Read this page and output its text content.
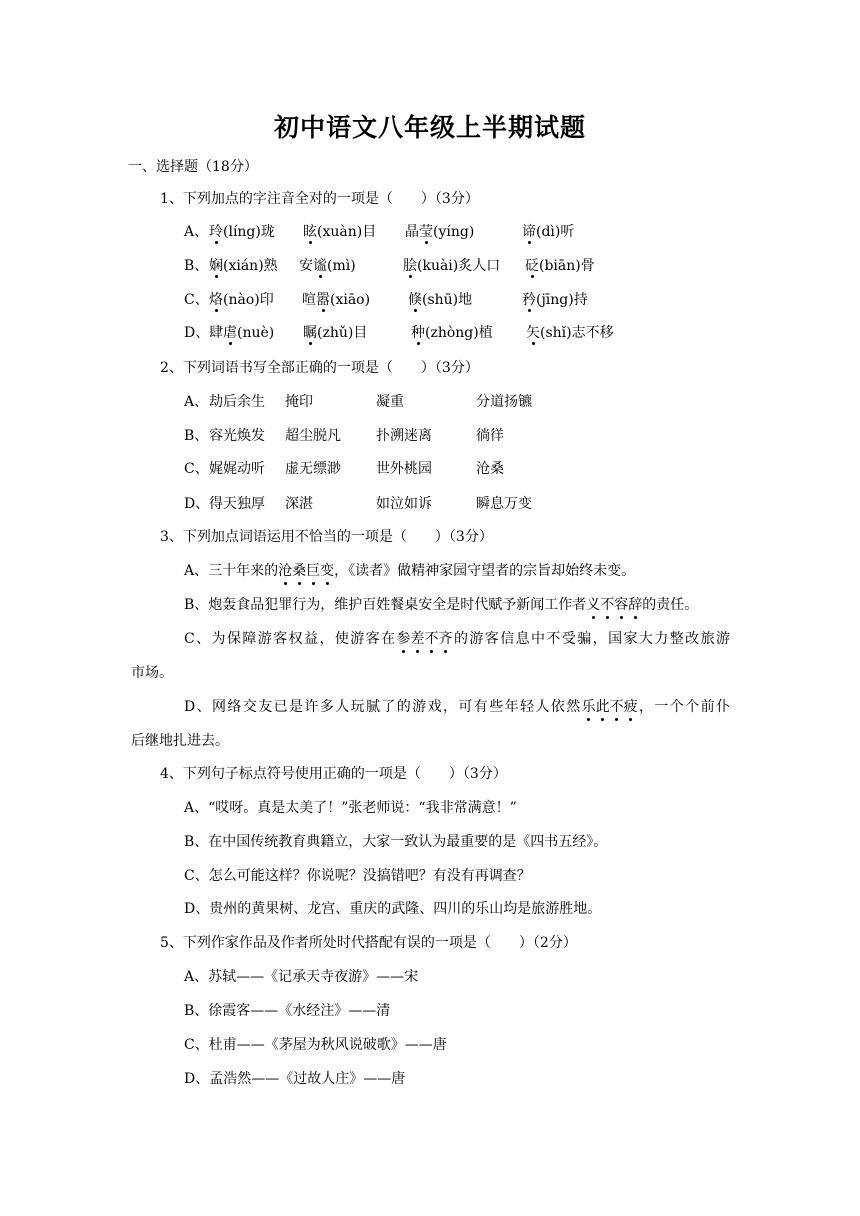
初中语文八年级上半期试题
一、选择题（18分）
1、下列加点的字注音全对的一项是（　　）（3分）
A、 玲(líng)珑 眩(xuàn)目 晶莹(yíng)	谛(dì)听
B、 娴(xián)熟 安谧(mì)	脍(kuài)炙人口 砭(biān)骨
C、 烙(nào)印 喧嚣(xiāo)	倏(shū)地	矜(jīng)持
D、 肆虐(nuè) 瞩(zhǔ)目	种(zhòng)植 矢(shǐ)志不移
2、下列词语书写全部正确的一项是（　　）（3分）
A、 劫后余生 掩印	凝重	分道扬镳
B、 容光焕发 超尘脱凡	扑溯迷离	徜徉
C、 娓娓动听 虚无缥渺	世外桃园	沧桑
D、 得天独厚 深湛	如泣如诉	瞬息万变
3、下列加点词语运用不恰当的一项是（　　）（3分）
A、三十年来的沧桑巨变，《读者》做精神家园守望者的宗旨却始终未变。
B、炮轰食品犯罪行为，维护百姓餐桌安全是时代赋予新闻工作者义不容辞的责任。
C、为保障游客权益，使游客在参差不齐的游客信息中不受骗，国家大力整改旅游
市场。
D、网络交友已是许多人玩腻了的游戏，可有些年轻人依然乐此不疲，一个个前仆
后继地扎进去。
4、下列句子标点符号使用正确的一项是（　　）（3分）
A、“哎呀。真是太美了！”张老师说：“我非常满意！”
B、在中国传统教育典籍立，大家一致认为最重要的是《四书五经》。
C、怎么可能这样？你说呢？没搞错吧？有没有再调查？
D、贵州的黄果树、龙宫、重庆的武隆、四川的乐山均是旅游胜地。
5、下列作家作品及作者所处时代搭配有误的一项是（　　）（2分）
A、苏轼——《记承天寺夜游》——宋
B、徐霞客——《水经注》——清
C、杜甫——《茅屋为秋风说破歌》——唐
D、孟浩然——《过故人庄》——唐
